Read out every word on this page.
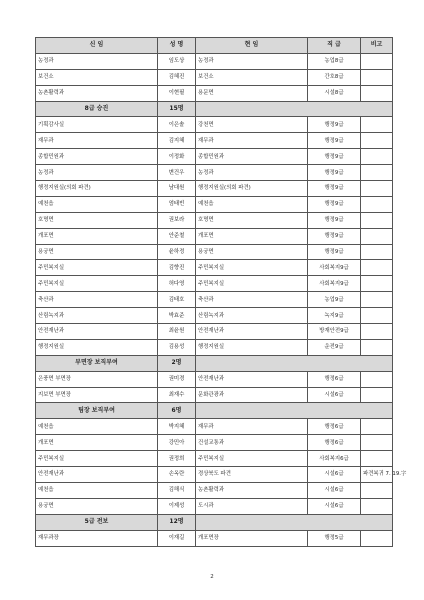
신 임	성 명	현 임	직 급	비고
농정과	임도상	농정과	농업8급	
보건소	김혜진	보건소	간호8급	
농촌활력과	이현필	용문면	시설8급	
8급 승진	15명			
기획감사실	이은솔	강천면	행정9급	
재무과	김지혜	재무과	행정9급	
종합민원과	이정화	종합민원과	행정9급	
농정과	변건우	농정과	행정9급	
행정지원실(의회 파견)	남대원	행정지원실(의회 파견)	행정9급	
예천읍	엄태빈	예천읍	행정9급	
호명면	권보라	호명면	행정9급	
개포면	안준철	개포면	행정9급	
용궁면	윤하정	용궁면	행정9급	
주민복지실	김향진	주민복지실	사회복지9급	
주민복지실	허다영	주민복지실	사회복지9급	
축산과	김태호	축산과	농업9급	
산림녹지과	박효준	산림녹지과	녹지9급	
안전재난과	최윤원	안전재난과	방재안전9급	
행정지원실	김용성	행정지원실	운전9급	
부면장 보직부여	2명			
은풍면 부면장	권미경	안전재난과	행정6급	
지보면 부면장	최재수	문화관광과	시설6급	
팀장 보직부여	6명			
예천읍	박지혜	재무과	행정6급	
개포면	강민아	건설교통과	행정6급	
주민복지실	권정희	주민복지실	사회복지6급	
안전재난과	손옥란	경상북도 파견	시설6급	파견복귀 7. 19.字
예천읍	김해식	농촌활력과	시설6급	
용궁면	이제성	도시과	시설6급	
5급 전보	12명			
재무과장	이재길	개포면장	행정5급	
2
